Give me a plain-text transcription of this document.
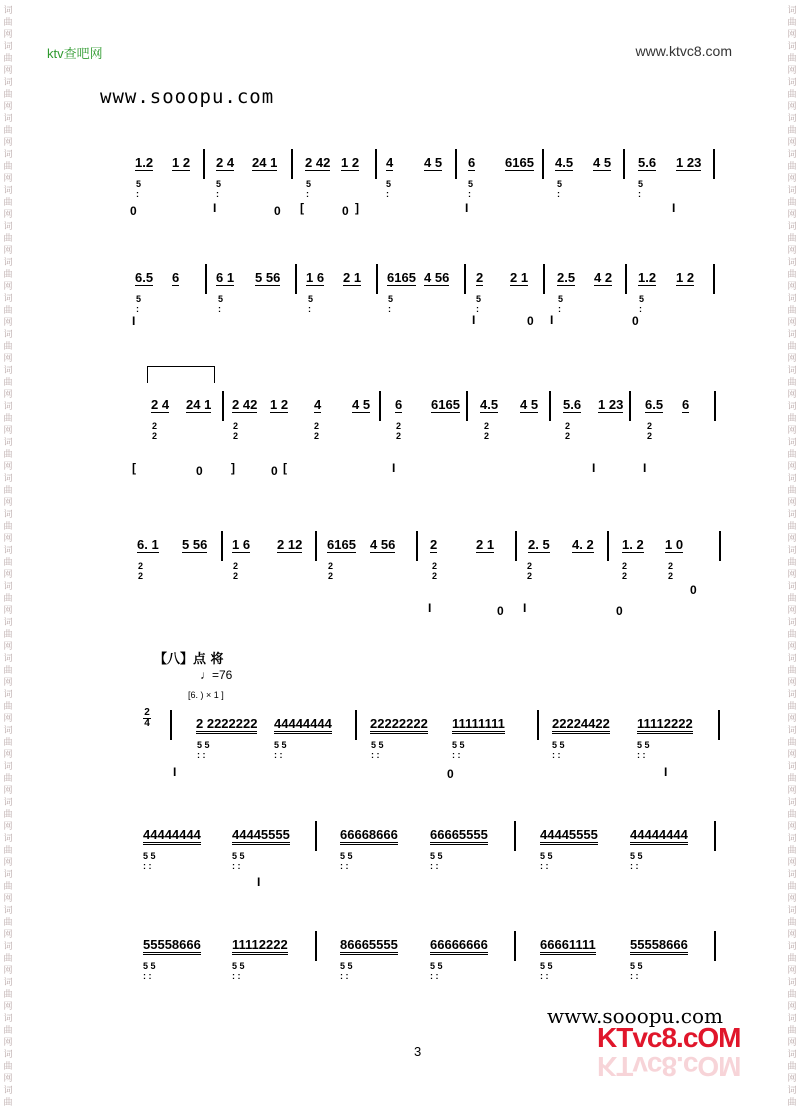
词
曲
网
词
曲
网
词
曲
网
词
曲
网
词
曲
网
词
曲
网
词
曲
网
词
曲
网
词
曲
网
词
曲
网
词
曲
网
词
曲
网
词
曲
网
词
曲
网
词
曲
网
词
曲
网
词
曲
网
词
曲
网
词
曲
网
词
曲
网
词
曲
网
词
曲
网
词
曲
网
词
曲
网
词
曲
网
词
曲
网
词
曲
网
词
曲
网
词
曲
网
词
曲
网
词
曲
词
曲
网
词
曲
网
词
曲
网
词
曲
网
词
曲
网
词
曲
网
词
曲
网
词
曲
网
词
曲
网
词
曲
网
词
曲
网
词
曲
网
词
曲
网
词
曲
网
词
曲
网
词
曲
网
词
曲
网
词
曲
网
词
曲
网
词
曲
网
词
曲
网
词
曲
网
词
曲
网
词
曲
网
词
曲
网
词
曲
网
词
曲
网
词
曲
网
词
曲
网
词
曲
网
词
曲
ktv查吧网	www.ktvc8.com
www.sooopu.com
1.2 1 2 2 4 24 1 2 42 1 2 4 4 5 6 6165 4.5 4 5 5.6 1 23
5
:
5
:
5
:
5
:
5
:
5
:
5
:
0	I	0 [	0 ]	I	I
6.5 6	6 1 5 56 1 6 2 1 6165 4 56 2 2 1 2.5 4 2 1.2 1 2
5
:
5
:
5
:
5
:
5
:
5
:
5
:
I	I	0 I	0
2 4 24 1 2 42 1 2 4 4 5 6 6165 4.5 4 5 5.6 1 23 6.5 6
2
2
2
2
2
2
2
2
2
2
2
2
2
2
[	0 ]	0 [	I	I	I
6. 1 5 56 1 6 2 12 6165 4 56	2	2 1	2. 5 4. 2 1. 2 1 0
2
2
2
2
2
2
2
2
2
2
2
2
2
2
I	0 I	0
0
2 2222222 44444444	22222222 11111111	22224422 11112222
5 5
: :
5 5
: :
5 5
: :
5 5
: :
5 5
: :
5 5
: :
I	0	I
44444444 44445555	66668666 66665555	44445555 44444444
5 5
: :
5 5
: :
5 5
: :
5 5
: :
5 5
: :
5 5
: :
I
55558666 11112222	86665555 66666666	66661111	55558666
5 5
: :
5 5
: :
5 5
: :
5 5
: :
5 5
: :
5 5
: :
【八】点 将
♩=76
[6. ) × 1 ]
2
4
www.sooopu.com
KTvc8.cOM
KTvc8.cOM
3
